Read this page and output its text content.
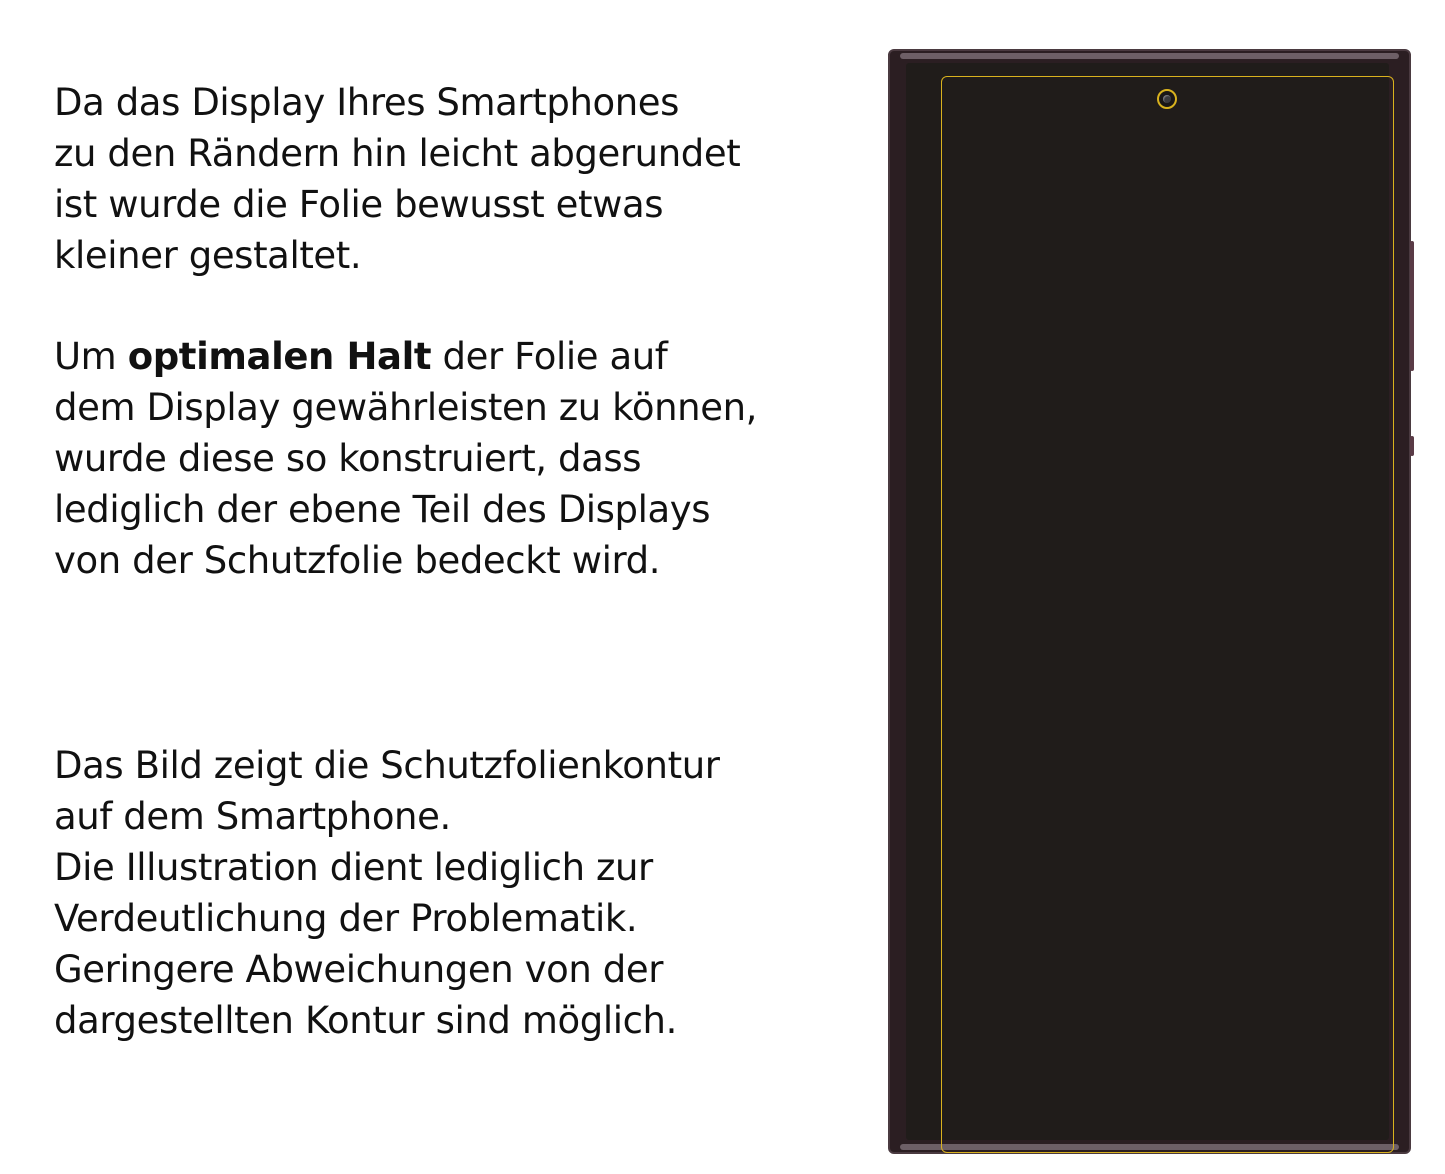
Da das Display Ihres Smartphones
zu den Rändern hin leicht abgerundet
ist wurde die Folie bewusst etwas
kleiner gestaltet.
Um optimalen Halt der Folie auf
dem Display gewährleisten zu können,
wurde diese so konstruiert, dass
lediglich der ebene Teil des Displays
von der Schutzfolie bedeckt wird.
Das Bild zeigt die Schutzfolienkontur
auf dem Smartphone.
Die Illustration dient lediglich zur
Verdeutlichung der Problematik.
Geringere Abweichungen von der
dargestellten Kontur sind möglich.
